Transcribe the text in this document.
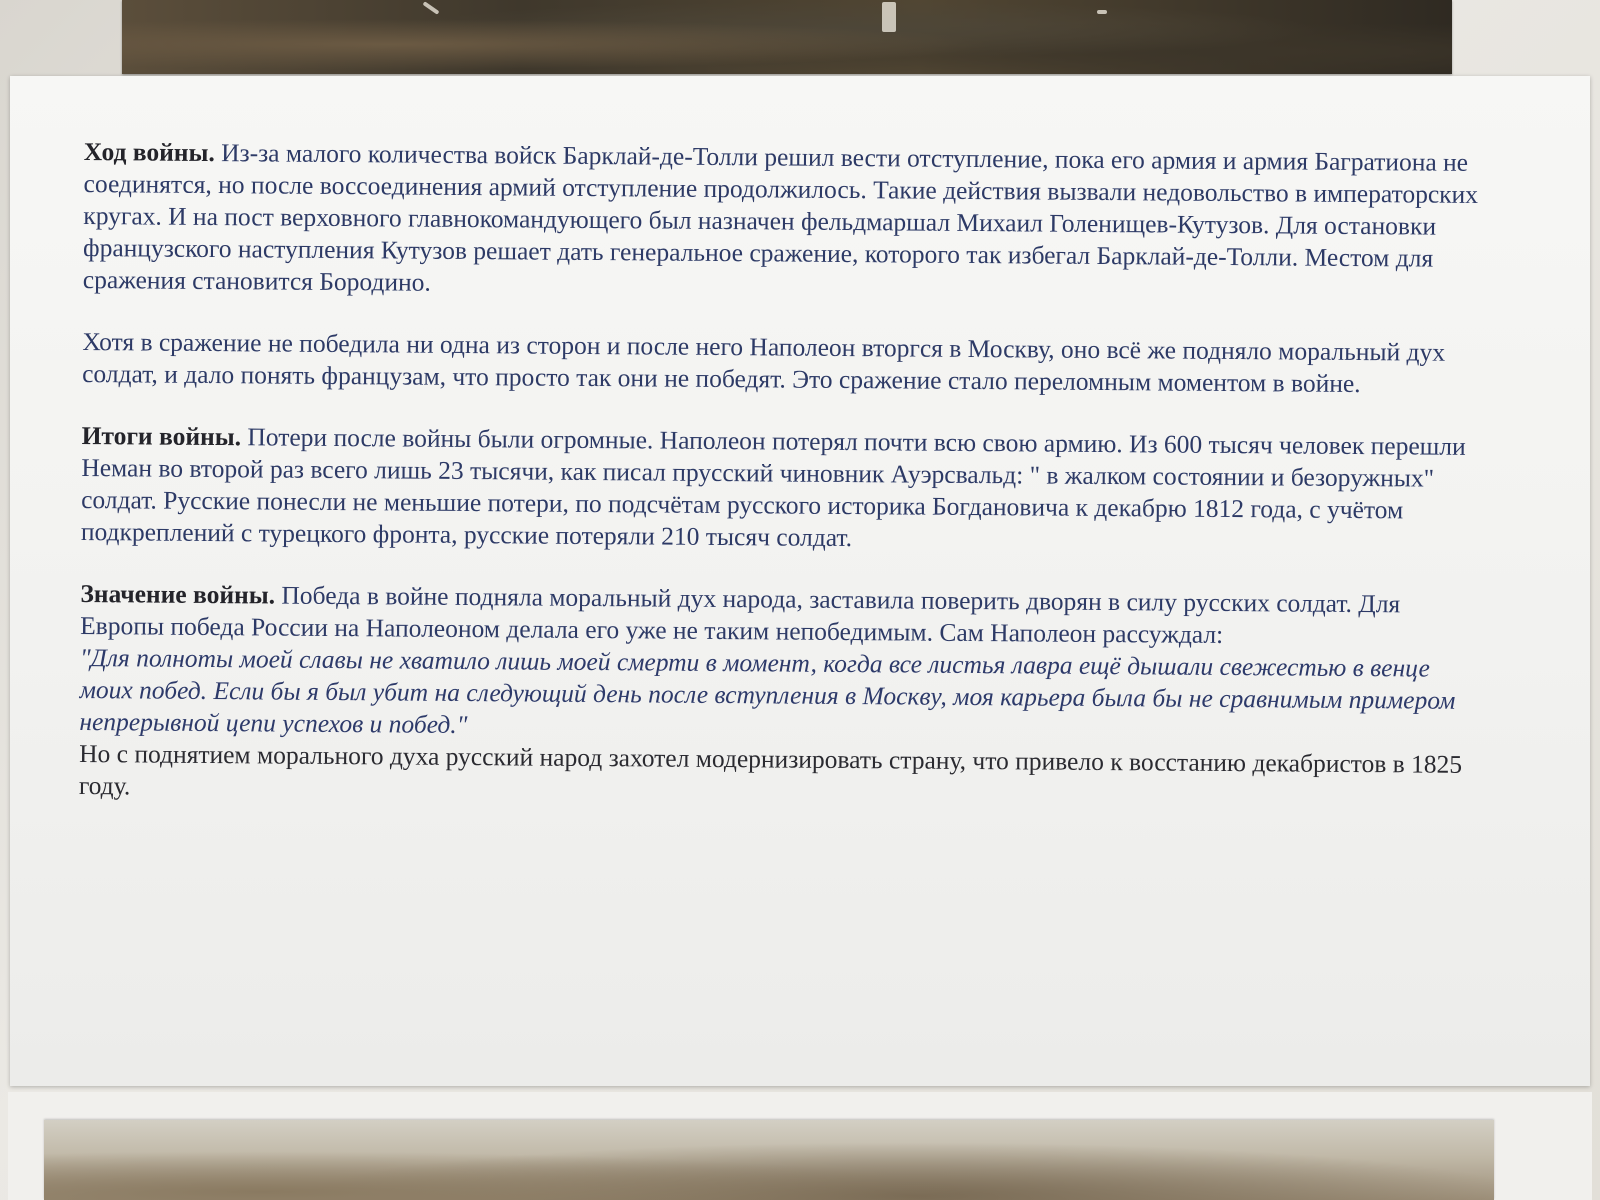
Ход войны. Из-за малого количества войск Барклай-де-Толли решил вести отступление, пока его армия и армия Багратиона не соединятся, но после воссоединения армий отступление продолжилось. Такие действия вызвали недовольство в императорских кругах. И на пост верховного главнокомандующего был назначен фельдмаршал Михаил Голенищев-Кутузов. Для остановки французского наступления Кутузов решает дать генеральное сражение, которого так избегал Барклай-де-Толли. Местом для сражения становится Бородино.

Хотя в сражение не победила ни одна из сторон и после него Наполеон вторгся в Москву, оно всё же подняло моральный дух солдат, и дало понять французам, что просто так они не победят. Это сражение стало переломным моментом в войне.

Итоги войны. Потери после войны были огромные. Наполеон потерял почти всю свою армию. Из 600 тысяч человек перешли Неман во второй раз всего лишь 23 тысячи, как писал прусский чиновник Ауэрсвальд: " в жалком состоянии и безоружных" солдат. Русские понесли не меньшие потери, по подсчётам русского историка Богдановича к декабрю 1812 года, с учётом подкреплений с турецкого фронта, русские потеряли 210 тысяч солдат.

Значение войны. Победа в войне подняла моральный дух народа, заставила поверить дворян в силу русских солдат. Для Европы победа России на Наполеоном делала его уже не таким непобедимым. Сам Наполеон рассуждал:
"Для полноты моей славы не хватило лишь моей смерти в момент, когда все листья лавра ещё дышали свежестью в венце моих побед. Если бы я был убит на следующий день после вступления в Москву, моя карьера была бы не сравнимым примером непрерывной цепи успехов и побед."
Но с поднятием морального духа русский народ захотел модернизировать страну, что привело к восстанию декабристов в 1825 году.
